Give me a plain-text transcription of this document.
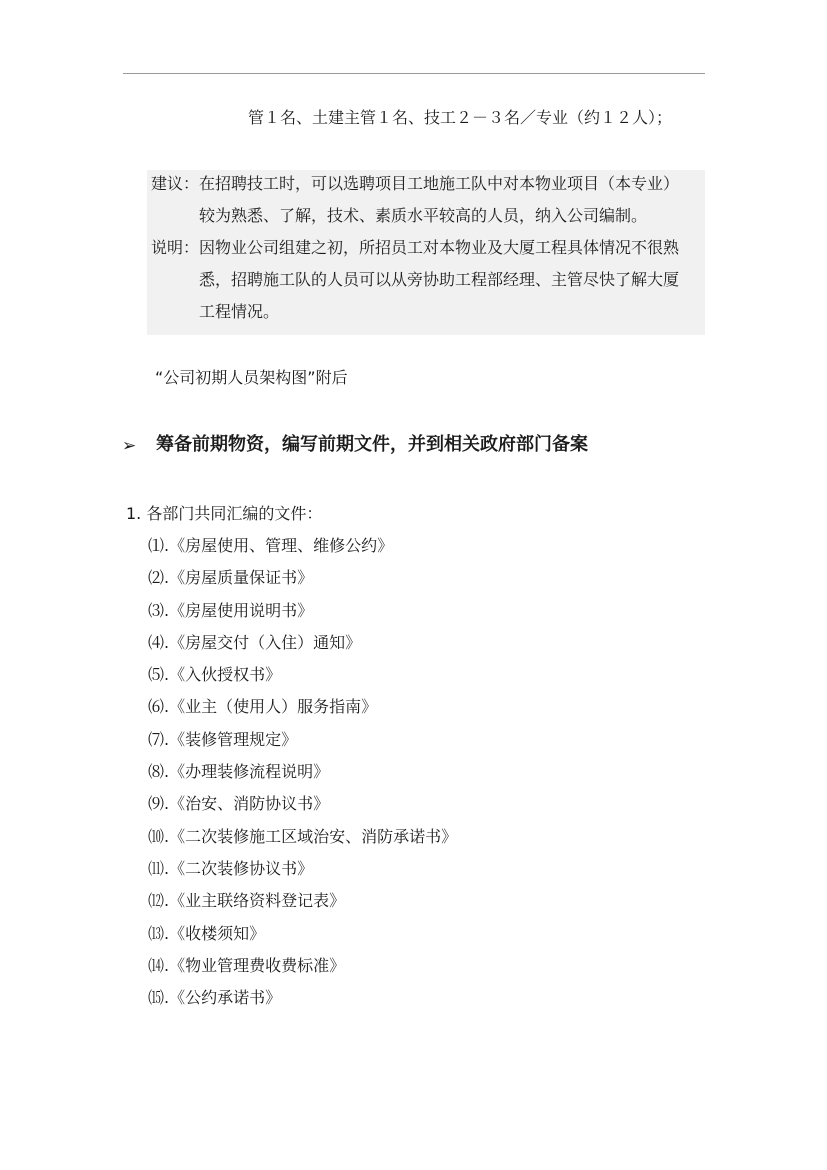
管１名、土建主管１名、技工２－３名／专业（约１２人）；
建议： 在招聘技工时，可以选聘项目工地施工队中对本物业项目（本专业）
较为熟悉、了解，技术、素质水平较高的人员，纳入公司编制。
说明： 因物业公司组建之初，所招员工对本物业及大厦工程具体情况不很熟
悉，招聘施工队的人员可以从旁协助工程部经理、主管尽快了解大厦
工程情况。
“公司初期人员架构图”附后
➢ 筹备前期物资，编写前期文件，并到相关政府部门备案
1. 各部门共同汇编的文件：
⑴.《房屋使用、管理、维修公约》
⑵.《房屋质量保证书》
⑶.《房屋使用说明书》
⑷.《房屋交付（入住）通知》
⑸.《入伙授权书》
⑹.《业主（使用人）服务指南》
⑺.《装修管理规定》
⑻.《办理装修流程说明》
⑼.《治安、消防协议书》
⑽.《二次装修施工区域治安、消防承诺书》
⑾.《二次装修协议书》
⑿.《业主联络资料登记表》
⒀.《收楼须知》
⒁.《物业管理费收费标准》
⒂.《公约承诺书》
